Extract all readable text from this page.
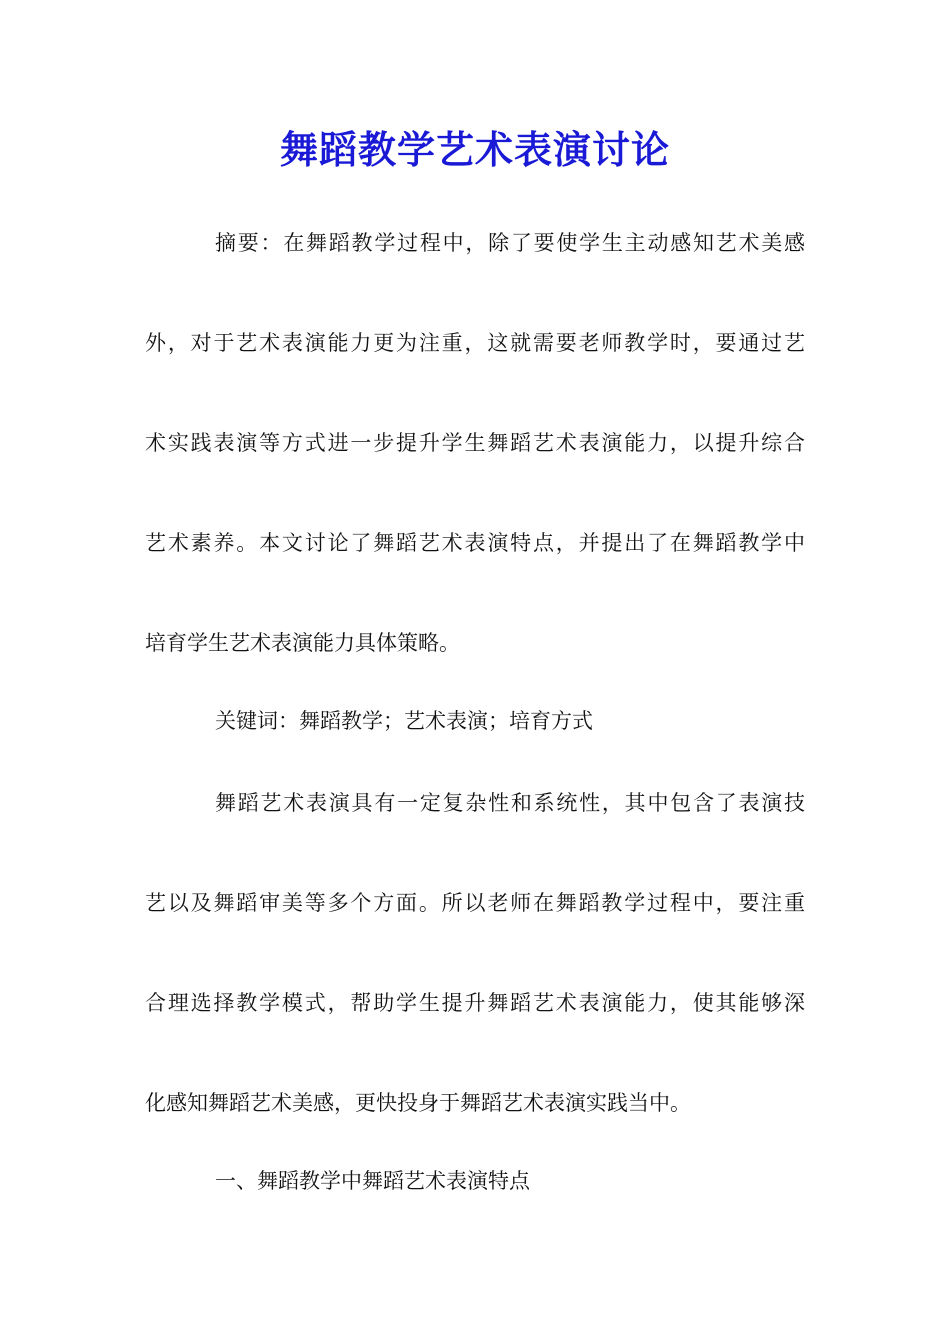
舞蹈教学艺术表演讨论
摘要：在舞蹈教学过程中，除了要使学生主动感知艺术美感
外，对于艺术表演能力更为注重，这就需要老师教学时，要通过艺
术实践表演等方式进一步提升学生舞蹈艺术表演能力，以提升综合
艺术素养。本文讨论了舞蹈艺术表演特点，并提出了在舞蹈教学中
培育学生艺术表演能力具体策略。
关键词：舞蹈教学；艺术表演；培育方式
舞蹈艺术表演具有一定复杂性和系统性，其中包含了表演技
艺以及舞蹈审美等多个方面。所以老师在舞蹈教学过程中，要注重
合理选择教学模式，帮助学生提升舞蹈艺术表演能力，使其能够深
化感知舞蹈艺术美感，更快投身于舞蹈艺术表演实践当中。
一、舞蹈教学中舞蹈艺术表演特点
